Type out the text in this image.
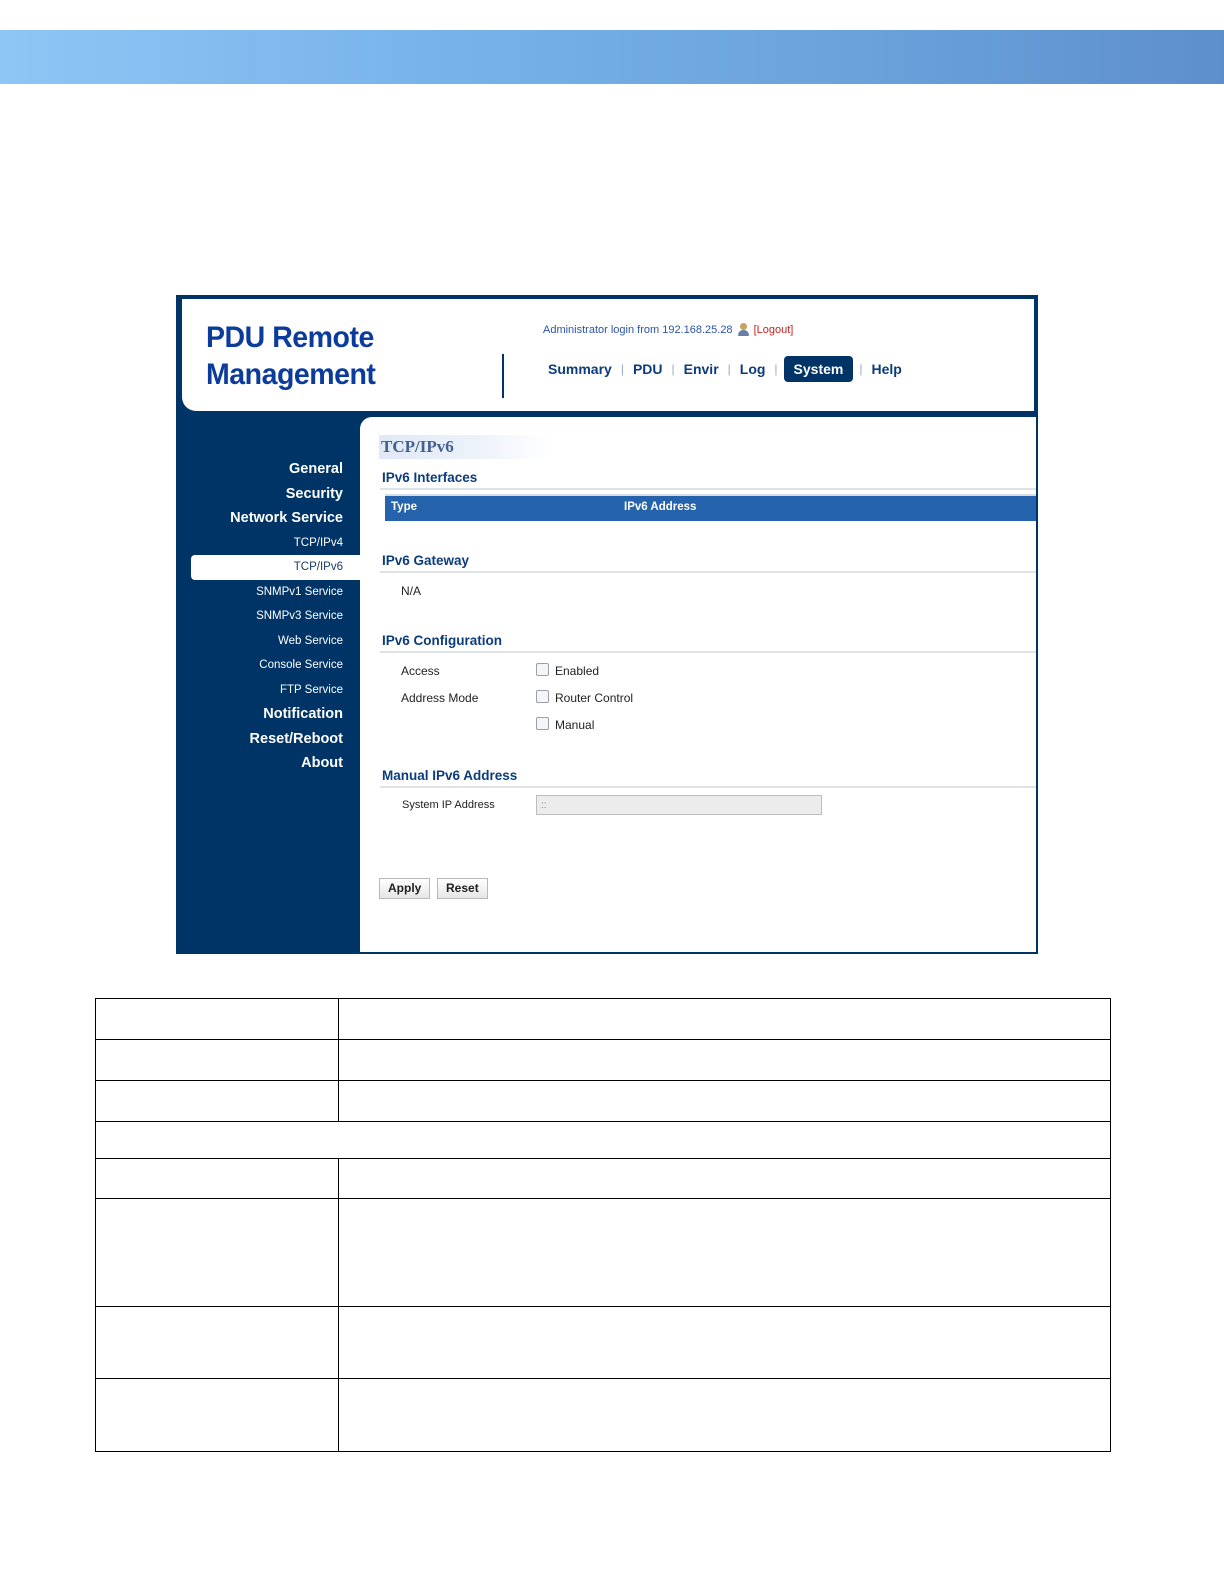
PDU Remote
Management
Administrator login from 192.168.25.28 [Logout]
Summary | PDU | Envir | Log |	System	| Help
General
Security
Network Service
TCP/IPv4
TCP/IPv6
SNMPv1 Service
SNMPv3 Service
Web Service
Console Service
FTP Service
Notification
Reset/Reboot
About
TCP/IPv6
IPv6 Interfaces
Type	IPv6 Address
IPv6 Gateway
N/A
IPv6 Configuration
Access	Enabled
Address Mode	Router Control
Manual
Manual IPv6 Address
System IP Address
::
Apply	Reset
